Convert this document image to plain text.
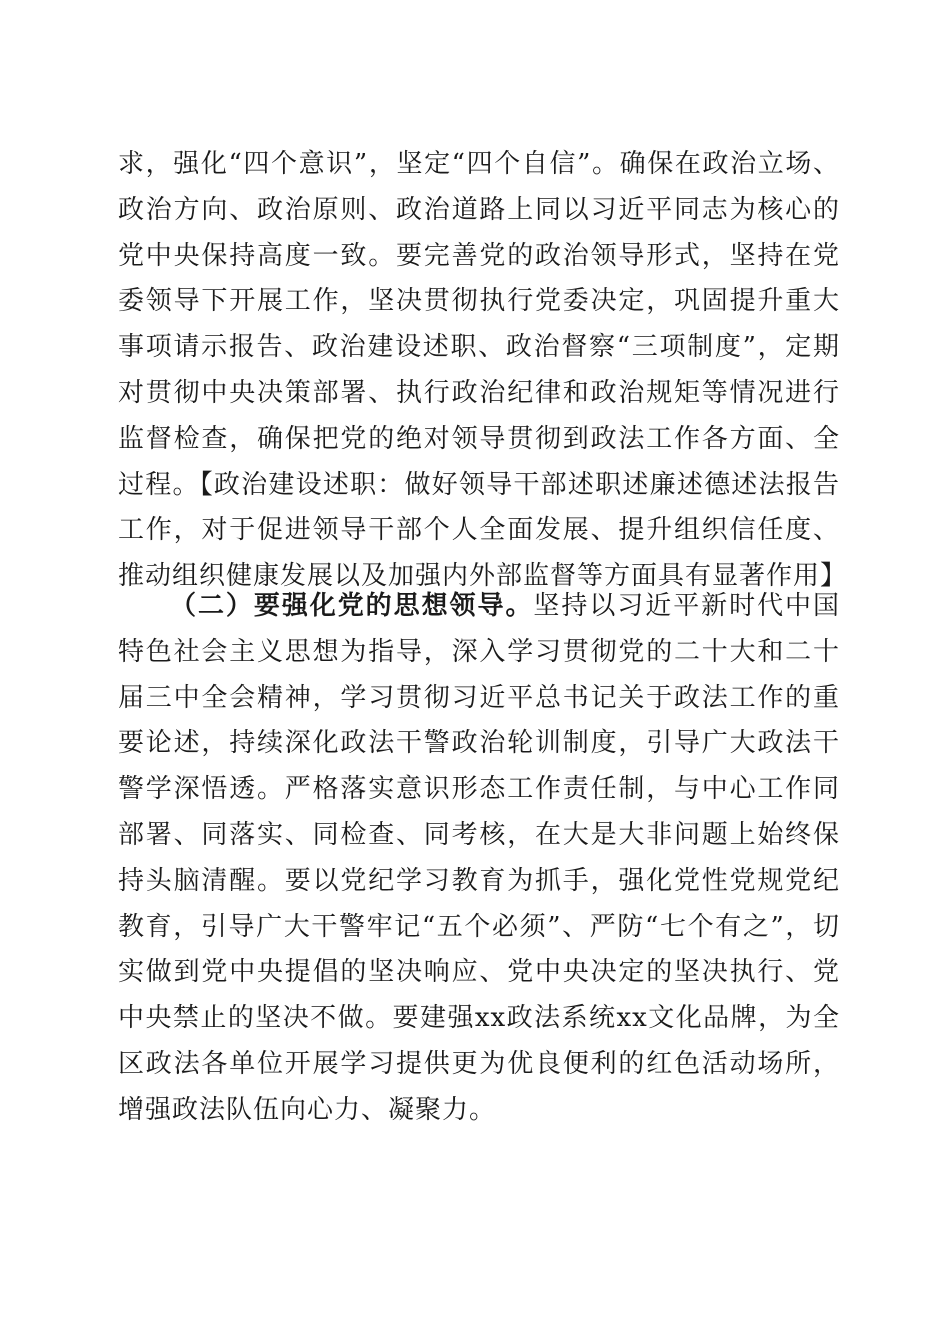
求，强化“四个意识”，坚定“四个自信”。确保在政治立场、政治方向、政治原则、政治道路上同以习近平同志为核心的党中央保持高度一致。要完善党的政治领导形式，坚持在党委领导下开展工作，坚决贯彻执行党委决定，巩固提升重大事项请示报告、政治建设述职、政治督察“三项制度”，定期对贯彻中央决策部署、执行政治纪律和政治规矩等情况进行监督检查，确保把党的绝对领导贯彻到政法工作各方面、全过程。【政治建设述职：做好领导干部述职述廉述德述法报告工作，对于促进领导干部个人全面发展、提升组织信任度、推动组织健康发展以及加强内外部监督等方面具有显著作用】

（二）要强化党的思想领导。坚持以习近平新时代中国特色社会主义思想为指导，深入学习贯彻党的二十大和二十届三中全会精神，学习贯彻习近平总书记关于政法工作的重要论述，持续深化政法干警政治轮训制度，引导广大政法干警学深悟透。严格落实意识形态工作责任制，与中心工作同部署、同落实、同检查、同考核，在大是大非问题上始终保持头脑清醒。要以党纪学习教育为抓手，强化党性党规党纪教育，引导广大干警牢记“五个必须”、严防“七个有之”，切实做到党中央提倡的坚决响应、党中央决定的坚决执行、党中央禁止的坚决不做。要建强xx政法系统xx文化品牌，为全区政法各单位开展学习提供更为优良便利的红色活动场所，增强政法队伍向心力、凝聚力。
